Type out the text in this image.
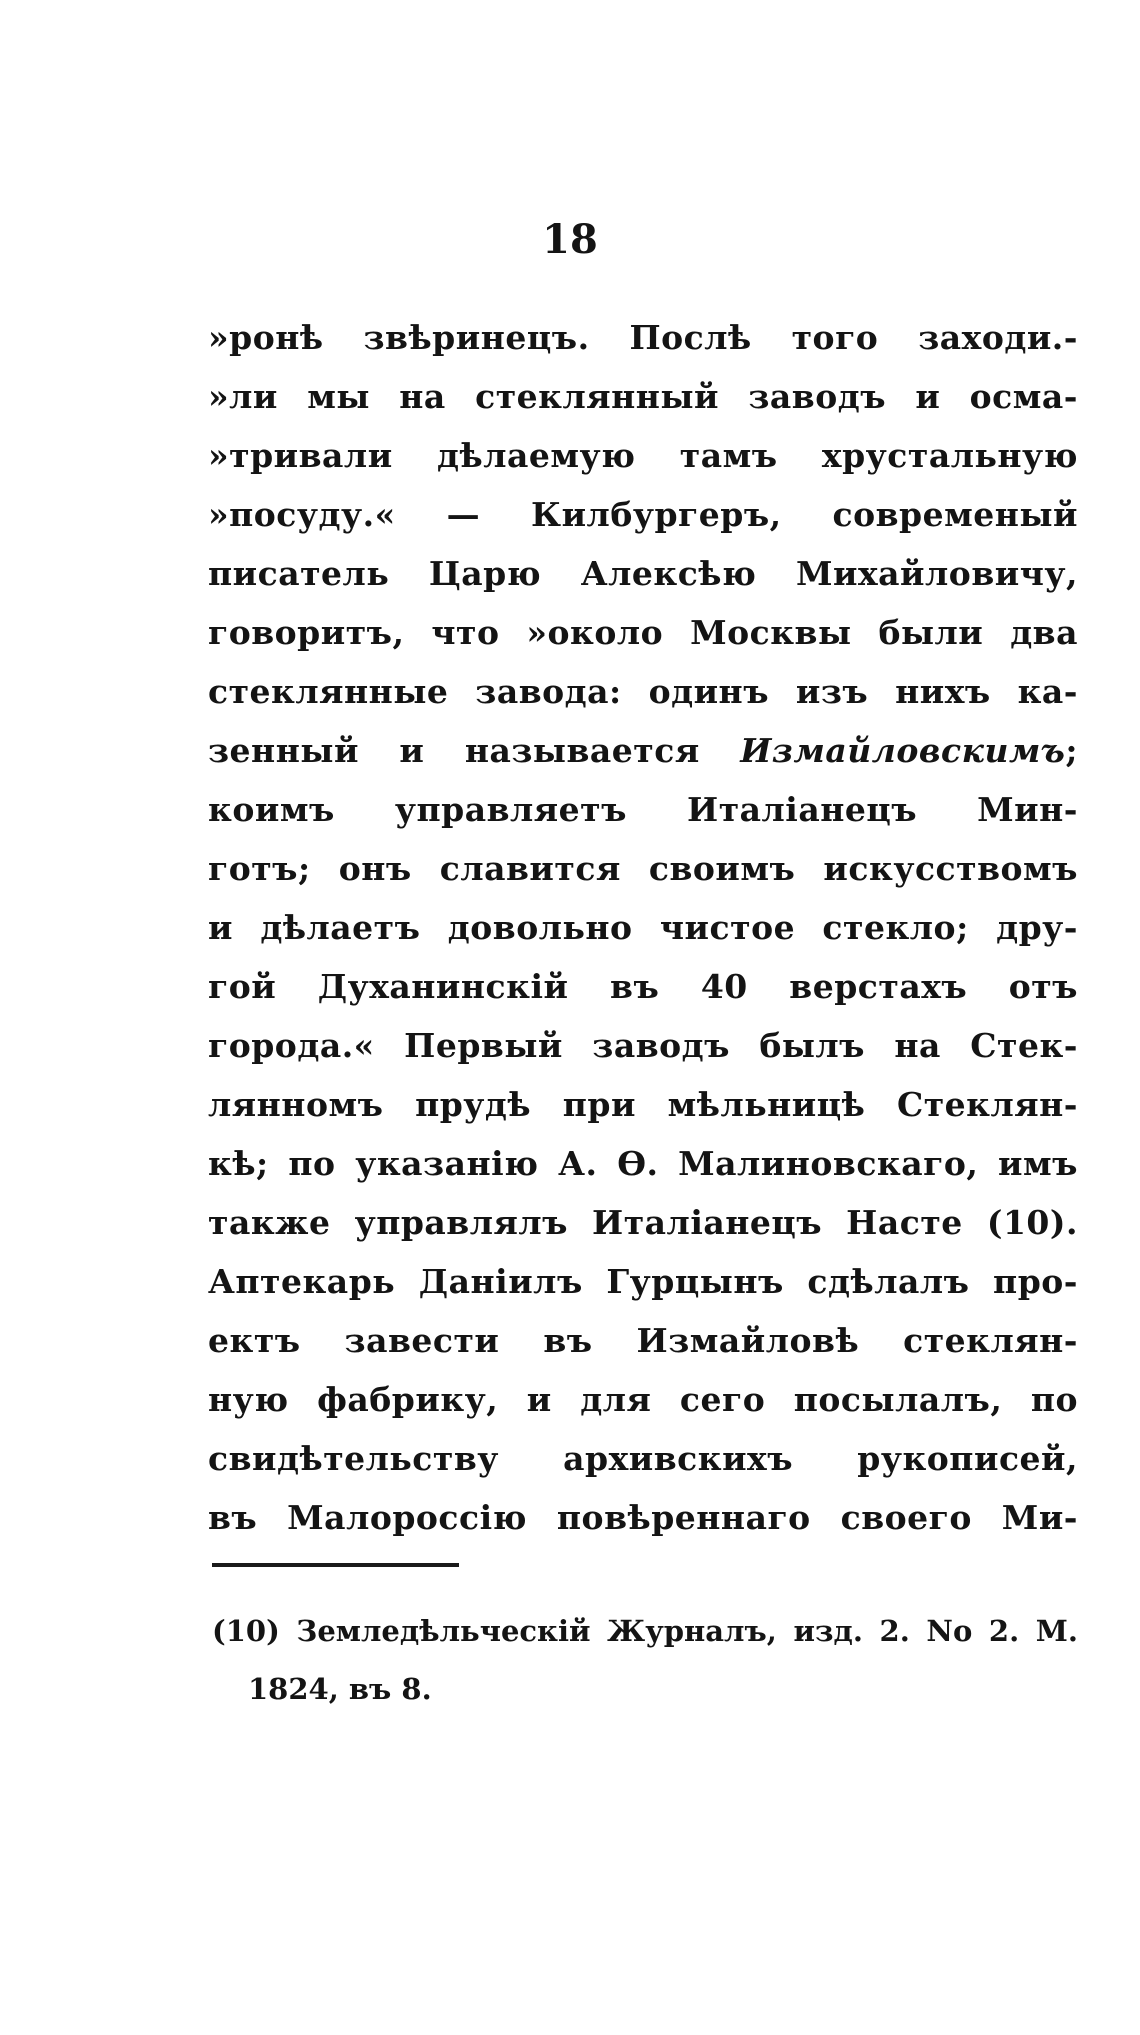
18
»ронѣ звѣринецъ. Послѣ того заходи.-
»ли мы на стеклянный заводъ и осма-
»тривали дѣлаемую тамъ хрустальную
»посуду.« — Килбургеръ, современый
писатель Царю Алексѣю Михайловичу,
говоритъ, что »около Москвы были два
стеклянные завода: одинъ изъ нихъ ка-
зенный и называется Измайловскимъ;
коимъ управляетъ Италіанецъ Мин-
готъ; онъ славится своимъ искусствомъ
и дѣлаетъ довольно чистое стекло; дру-
гой Духанинскій въ 40 верстахъ отъ
города.« Первый заводъ былъ на Стек-
лянномъ прудѣ при мѣльницѣ Стеклян-
кѣ; по указанію А. Ѳ. Малиновскаго, имъ
также управлялъ Италіанецъ Насте (10).
Аптекарь Даніилъ Гурцынъ сдѣлалъ про-
ектъ завести въ Измайловѣ стеклян-
ную фабрику, и для сего посылалъ, по
свидѣтельству архивскихъ рукописей,
въ Малороссію повѣреннаго своего Ми-
(10) Земледѣльческій Журналъ, изд. 2. No 2. М.
1824, въ 8.
